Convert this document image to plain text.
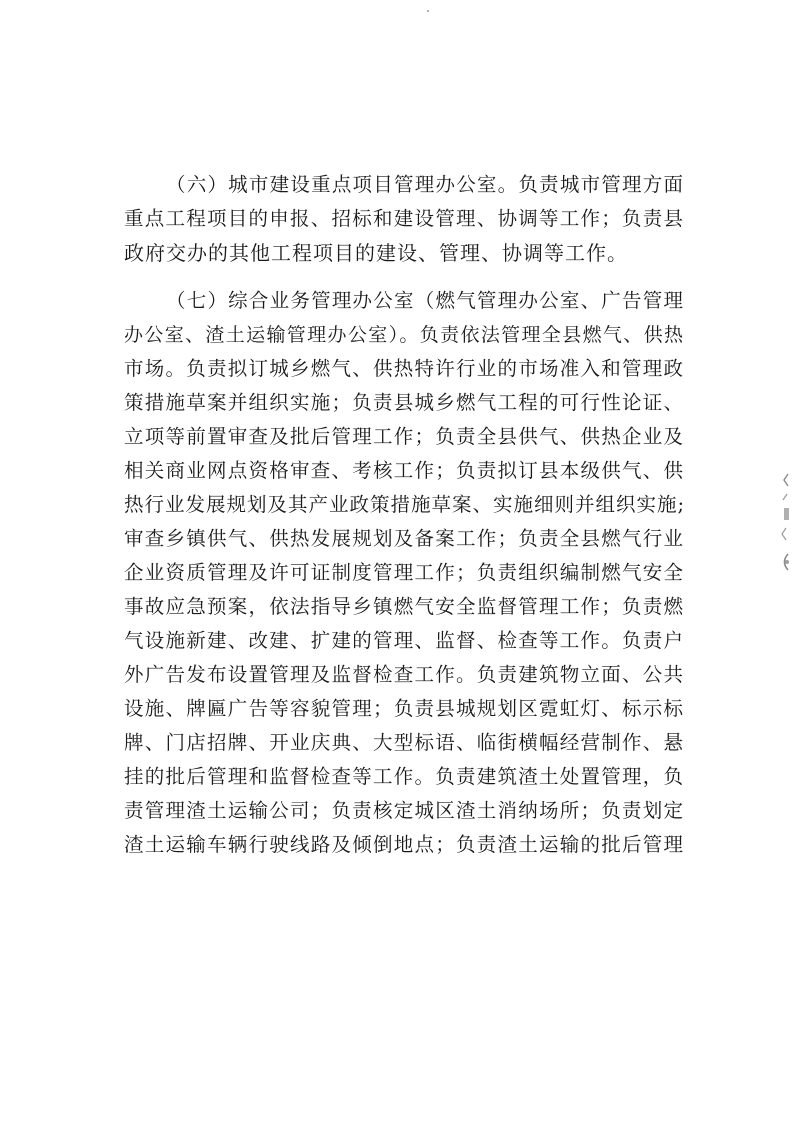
（六）城市建设重点项目管理办公室。负责城市管理方面
重点工程项目的申报、招标和建设管理、协调等工作；负责县
政府交办的其他工程项目的建设、管理、协调等工作。
（七）综合业务管理办公室（燃气管理办公室、广告管理
办公室、渣土运输管理办公室）。负责依法管理全县燃气、供热
市场。负责拟订城乡燃气、供热特许行业的市场准入和管理政
策措施草案并组织实施；负责县城乡燃气工程的可行性论证、
立项等前置审查及批后管理工作；负责全县供气、供热企业及
相关商业网点资格审查、考核工作；负责拟订县本级供气、供
热行业发展规划及其产业政策措施草案、实施细则并组织实施;
审查乡镇供气、供热发展规划及备案工作；负责全县燃气行业
企业资质管理及许可证制度管理工作；负责组织编制燃气安全
事故应急预案，依法指导乡镇燃气安全监督管理工作；负责燃
气设施新建、改建、扩建的管理、监督、检查等工作。负责户
外广告发布设置管理及监督检查工作。负责建筑物立面、公共
设施、牌匾广告等容貌管理；负责县城规划区霓虹灯、标示标
牌、门店招牌、开业庆典、大型标语、临街横幅经营制作、悬
挂的批后管理和监督检查等工作。负责建筑渣土处置管理，负
责管理渣土运输公司；负责核定城区渣土消纳场所；负责划定
渣土运输车辆行驶线路及倾倒地点；负责渣土运输的批后管理
